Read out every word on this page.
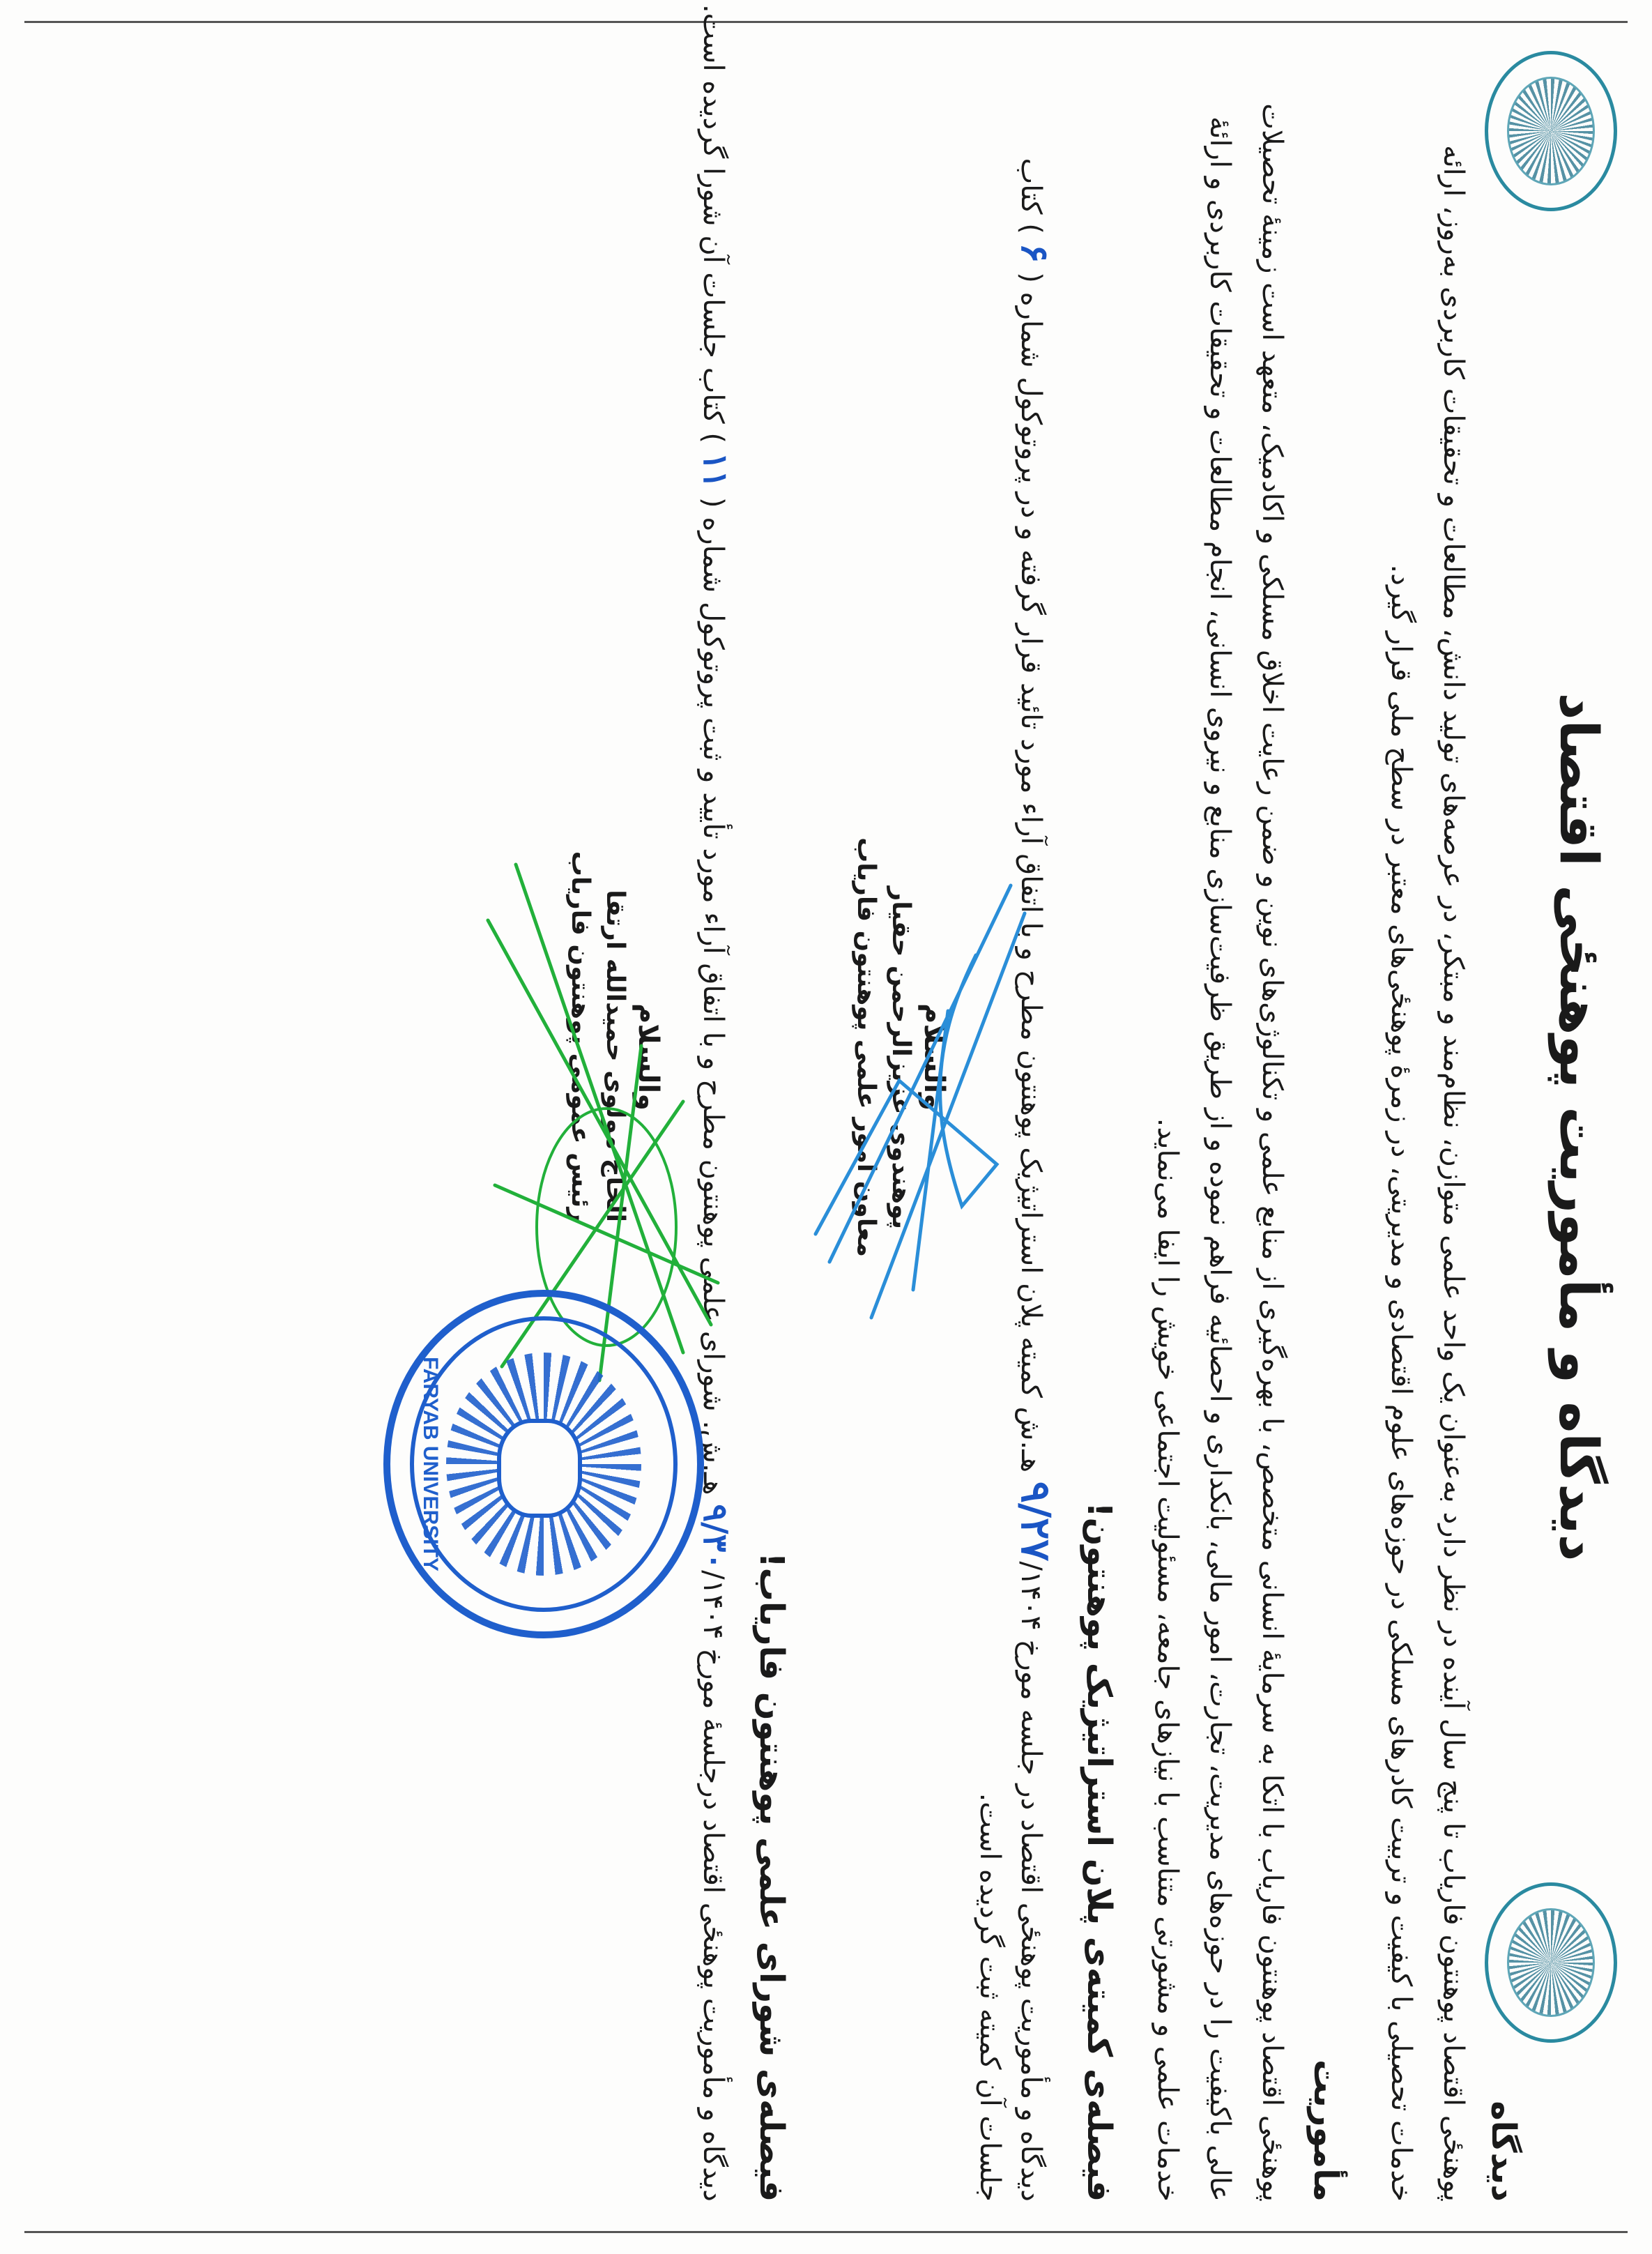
دیدگاه و مأموریت پوهنځی اقتصاد
دیدگاه
پوهنځی اقتصاد پوهنتون فاریاب تا پنج سال آینده در نظر دارد به‌عنوان یک واحد علمی متوازن، نظام‌مند و مبتکر، در عرصه‌های تولید دانش، مطالعات و تحقیقات کاربردی به‌روز، ارائه
خدمات تحصیلی با کیفیت و تربیت کادرهای مسلکی در حوزه‌های علوم اقتصادی و مدیریتی، در زمرهٔ پوهنځی‌های معتبر در سطح ملی قرار گیرد.
مأموریت
پوهنځی اقتصاد پوهنتون فاریاب با اتکا به سرمایهٔ انسانی متخصص، با بهره‌گیری از منابع علمی و تکنالوژی‌های نوین و ضمن رعایت اخلاق مسلکی و اکادمیک، متعهد است زمینهٔ تحصیلات
عالی باکیفیت را در حوزه‌های مدیریت، تجارت، امور مالی، بانکداری و احصائیه فراهم نموده و از طریق ظرفیت‌سازی منابع و نیروی انسانی، انجام مطالعات و تحقیقات کاربردی و ارائهٔ
خدمات علمی و مشورتی متناسب با نیازهای جامعه، مسئولیت اجتماعی خویش را ایفا می‌نماید.
فیصله‌ی کمیته‌ی پلان استراتیژیک پوهنتون!
دیدگاه و مأموریت پوهنځی اقتصاد در جلسه مورخ ۹/۲۷/۱۴۰۴ هـ.ش کمیته پلان استراتیژیک پوهنتون مطرح و با اتفاق آراء مورد تائید قرار گرفته و در پروتوکول شماره ( ۶ ) کتاب
جلسات آن کمیته ثبت گردیده است.
والسلام
پوهندوی عزیزالرحمن حقیار
معاون امور علمی پوهنتون فاریاب
فیصله‌ی شورای علمی پوهنتون فاریاب!
دیدگاه و مأموریت پوهنځی اقتصاد درجلسهٔ مورخ ۹/۳۰/۱۴۰۴ هـ.ش. شورای علمی پوهنتون مطرح و با اتفاق آراء مورد تأیید و ثبت پروتوکول شماره ( ۱۱ ) کتاب جلسات آن شورا گردیده است.
والسلام
الحاج مولوی حمیدالله ارتقا
رئیس عمومی پوهنتون فاریاب
FARYAB UNIVERSITY
